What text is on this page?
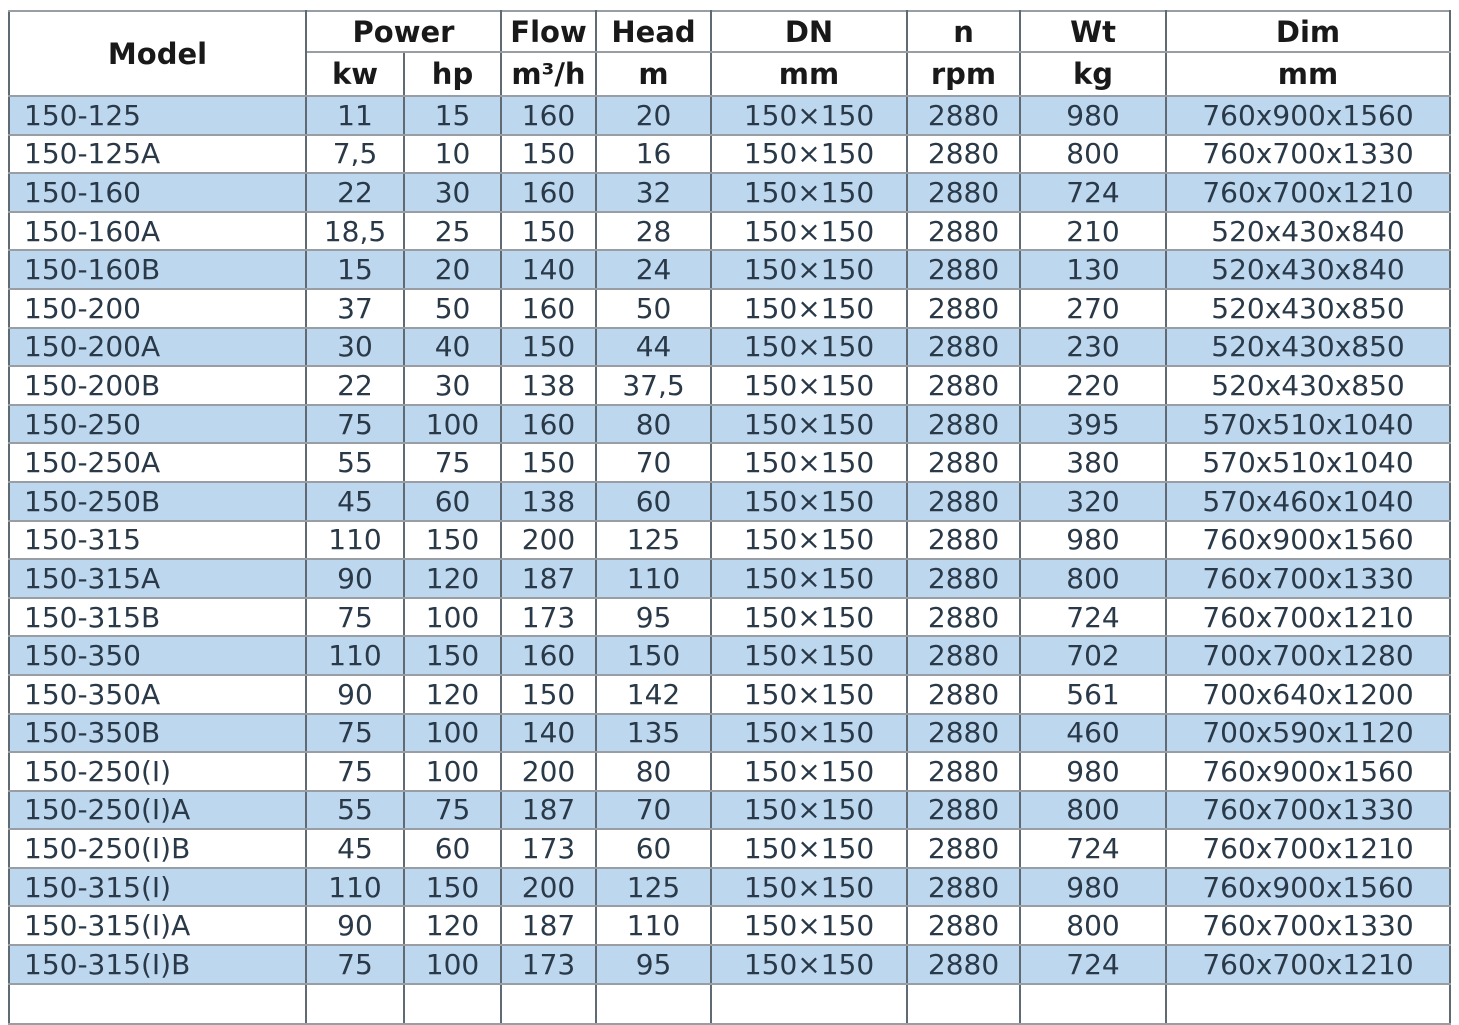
Model	Power		Flow	Head	DN	n	Wt	Dim
	kw	hp	m³/h	m	mm	rpm	kg	mm
150-125	11	15	160	20	150×150	2880	980	760x900x1560
150-125A	7,5	10	150	16	150×150	2880	800	760x700x1330
150-160	22	30	160	32	150×150	2880	724	760x700x1210
150-160A	18,5	25	150	28	150×150	2880	210	520x430x840
150-160B	15	20	140	24	150×150	2880	130	520x430x840
150-200	37	50	160	50	150×150	2880	270	520x430x850
150-200A	30	40	150	44	150×150	2880	230	520x430x850
150-200B	22	30	138	37,5	150×150	2880	220	520x430x850
150-250	75	100	160	80	150×150	2880	395	570x510x1040
150-250A	55	75	150	70	150×150	2880	380	570x510x1040
150-250B	45	60	138	60	150×150	2880	320	570x460x1040
150-315	110	150	200	125	150×150	2880	980	760x900x1560
150-315A	90	120	187	110	150×150	2880	800	760x700x1330
150-315B	75	100	173	95	150×150	2880	724	760x700x1210
150-350	110	150	160	150	150×150	2880	702	700x700x1280
150-350A	90	120	150	142	150×150	2880	561	700x640x1200
150-350B	75	100	140	135	150×150	2880	460	700x590x1120
150-250(I)	75	100	200	80	150×150	2880	980	760x900x1560
150-250(I)A	55	75	187	70	150×150	2880	800	760x700x1330
150-250(I)B	45	60	173	60	150×150	2880	724	760x700x1210
150-315(I)	110	150	200	125	150×150	2880	980	760x900x1560
150-315(I)A	90	120	187	110	150×150	2880	800	760x700x1330
150-315(I)B	75	100	173	95	150×150	2880	724	760x700x1210
